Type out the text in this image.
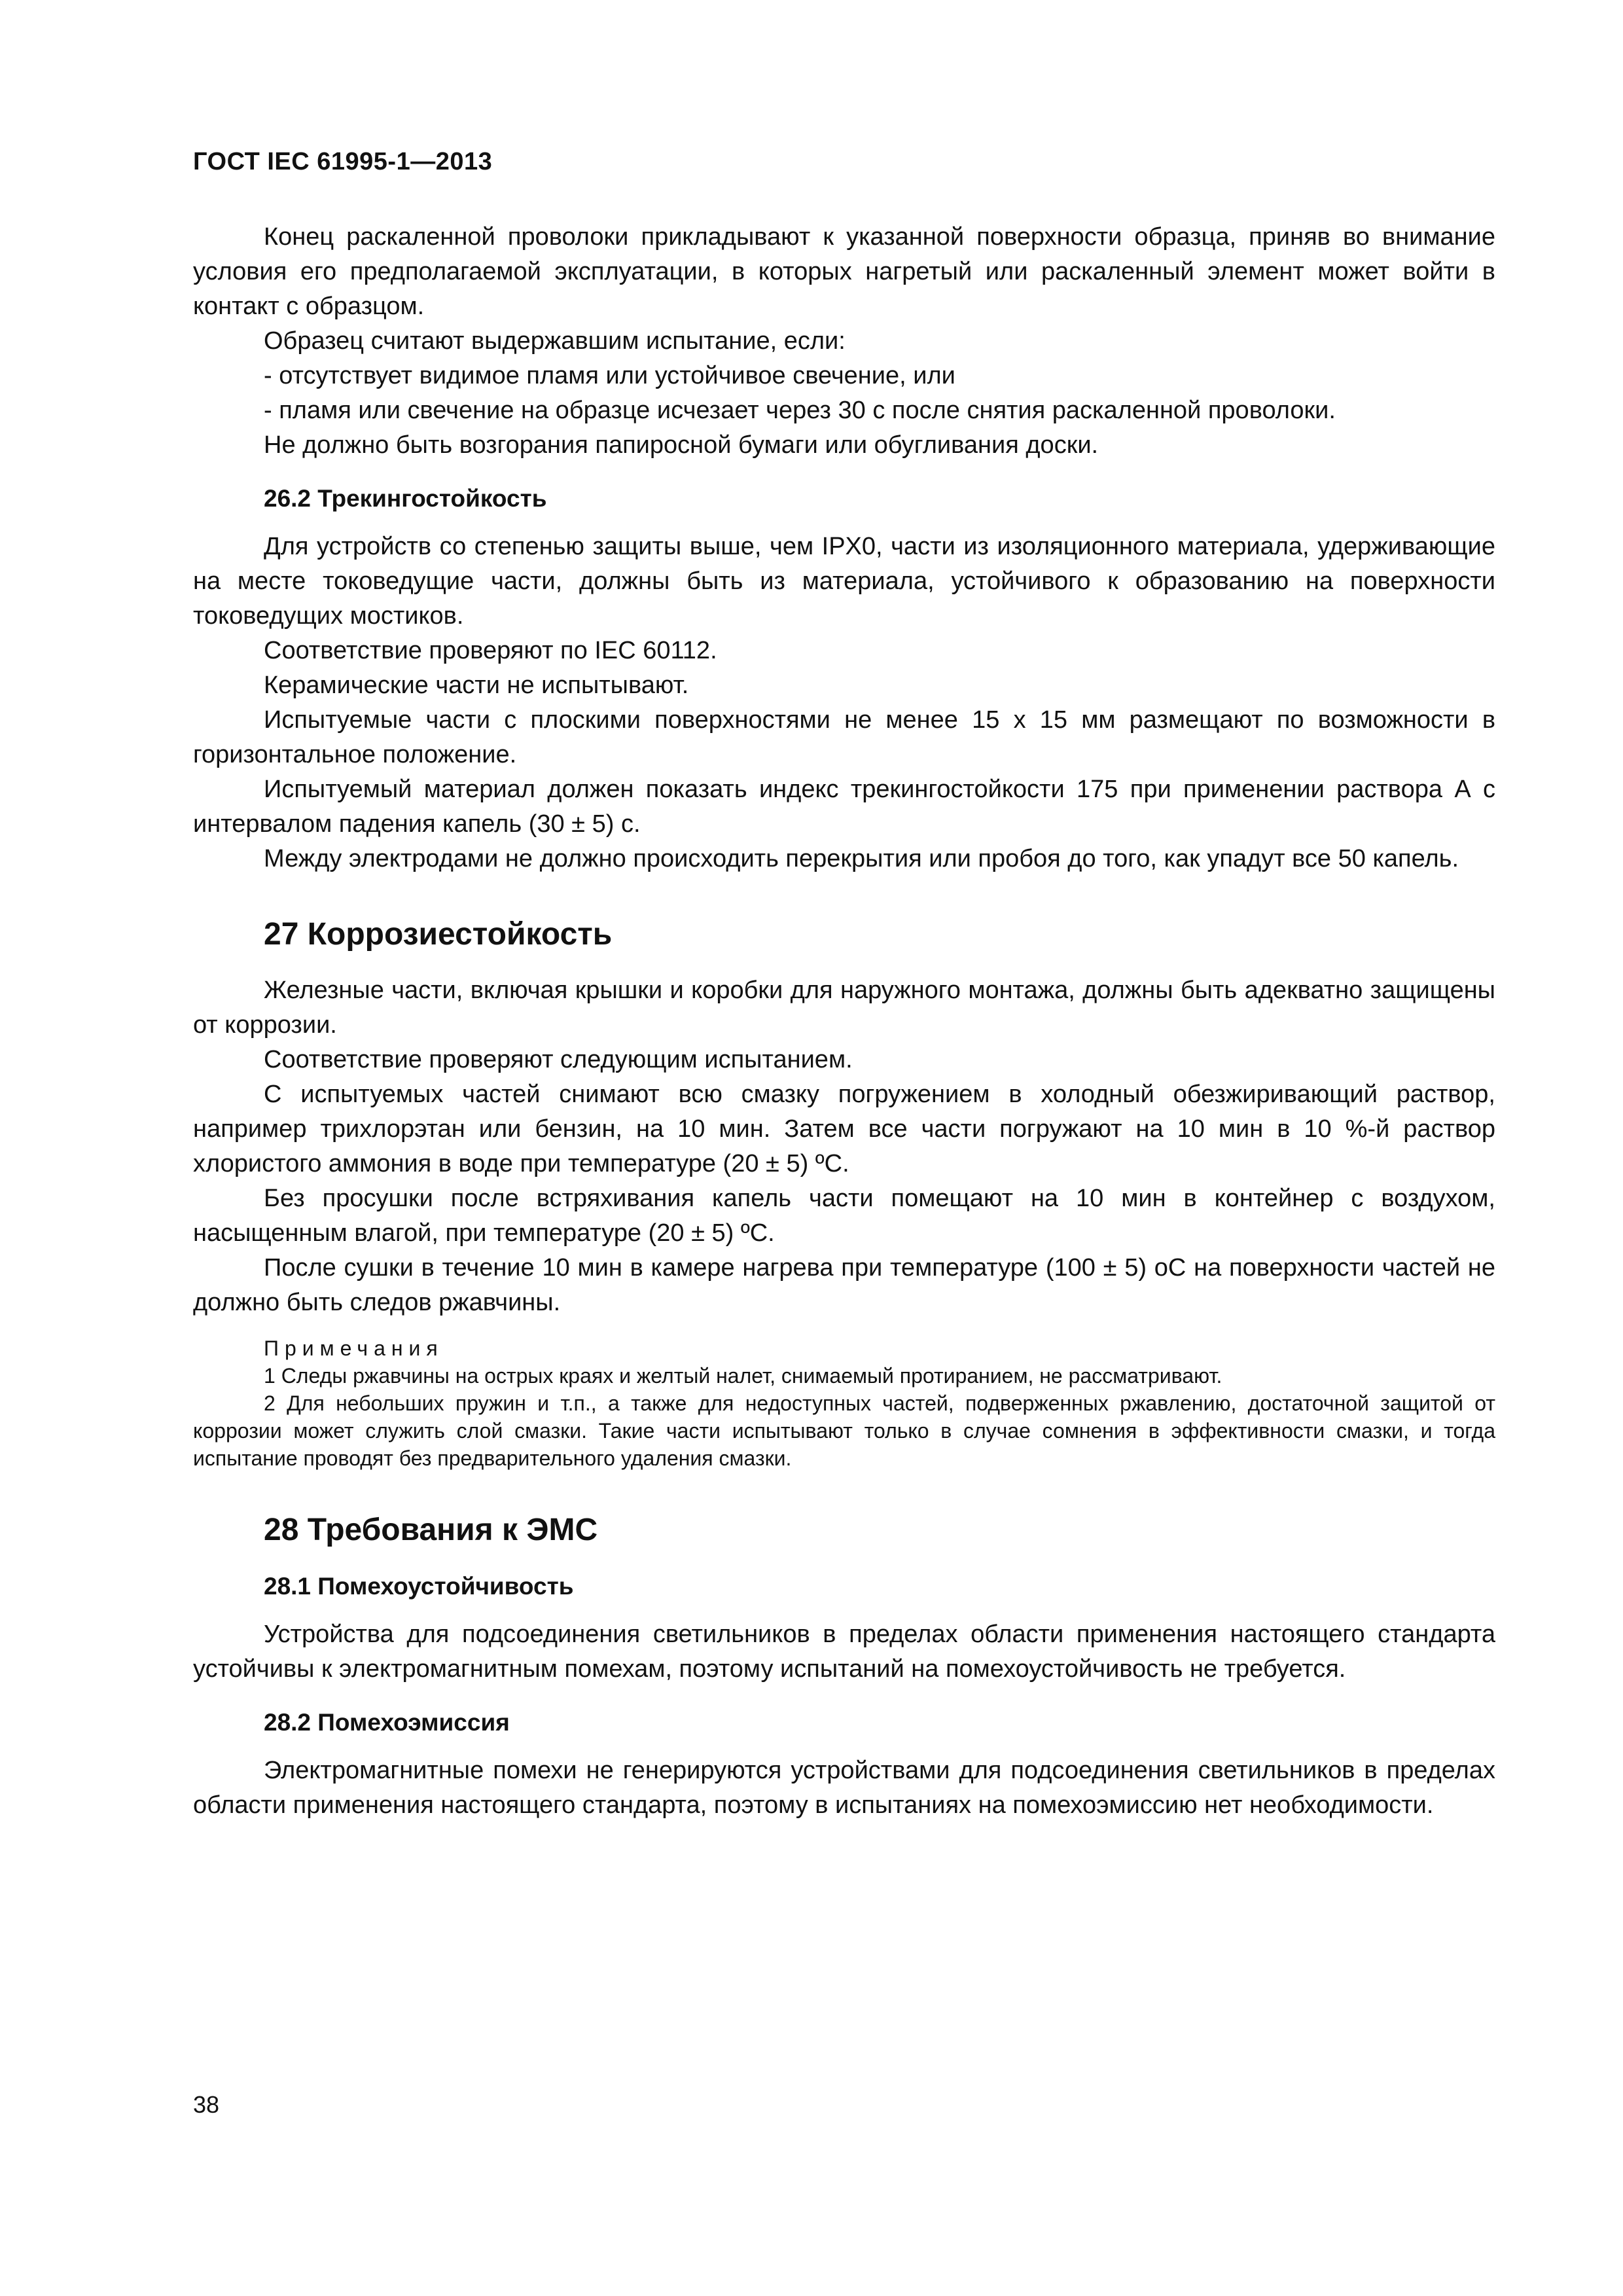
ГОСТ IEC 61995-1—2013

Конец раскаленной проволоки прикладывают к указанной поверхности образца, приняв во внимание условия его предполагаемой эксплуатации, в которых нагретый или раскаленный элемент может войти в контакт с образцом.

Образец считают выдержавшим испытание, если:

- отсутствует видимое пламя или устойчивое свечение, или

- пламя или свечение на образце исчезает через 30 с после снятия раскаленной проволоки.

Не должно быть возгорания папиросной бумаги или обугливания доски.

26.2 Трекингостойкость

Для устройств со степенью защиты выше, чем IPX0, части из изоляционного материала, удерживающие на месте токоведущие части, должны быть из материала, устойчивого к образованию на поверхности токоведущих мостиков.

Соответствие проверяют по IEC 60112.

Керамические части не испытывают.

Испытуемые части с плоскими поверхностями не менее 15 х 15 мм размещают по возможности в горизонтальное положение.

Испытуемый материал должен показать индекс трекингостойкости 175 при применении раствора А с интервалом падения капель (30 ± 5) с.

Между электродами не должно происходить перекрытия или пробоя до того, как упадут все 50 капель.

27 Коррозиестойкость

Железные части, включая крышки и коробки для наружного монтажа, должны быть адекватно защищены от коррозии.

Соответствие проверяют следующим испытанием.

С испытуемых частей снимают всю смазку погружением в холодный обезжиривающий раствор, например трихлорэтан или бензин, на 10 мин. Затем все части погружают на 10 мин в 10 %-й раствор хлористого аммония в воде при температуре (20 ± 5) ºС.

Без просушки после встряхивания капель части помещают на 10 мин в контейнер с воздухом, насыщенным влагой, при температуре (20 ± 5) ºС.

После сушки в течение 10 мин в камере нагрева при температуре (100 ± 5) оС на поверхности частей не должно быть следов ржавчины.

Примечания
1 Следы ржавчины на острых краях и желтый налет, снимаемый протиранием, не рассматривают.
2 Для небольших пружин и т.п., а также для недоступных частей, подверженных ржавлению, достаточной защитой от коррозии может служить слой смазки. Такие части испытывают только в случае сомнения в эффективности смазки, и тогда испытание проводят без предварительного удаления смазки.
28 Требования к ЭМС
28.1 Помехоустойчивость

Устройства для подсоединения светильников в пределах области применения настоящего стандарта устойчивы к электромагнитным помехам, поэтому испытаний на помехоустойчивость не требуется.

28.2 Помехоэмиссия

Электромагнитные помехи не генерируются устройствами для подсоединения светильников в пределах области применения настоящего стандарта, поэтому в испытаниях на помехоэмиссию нет необходимости.

38
